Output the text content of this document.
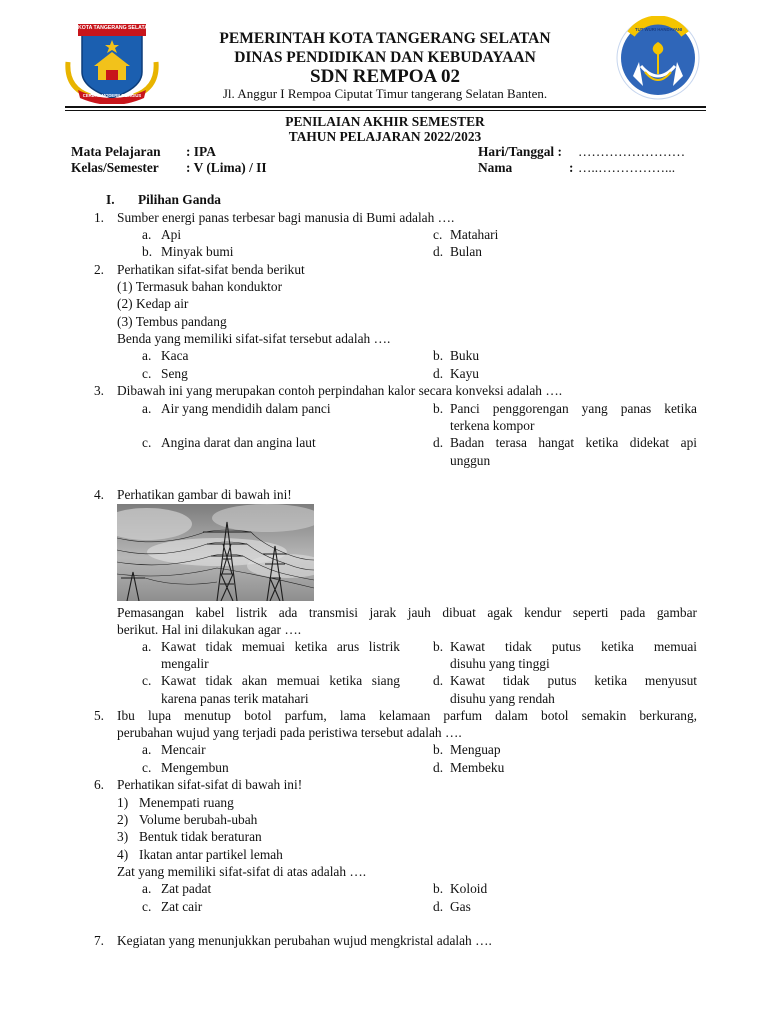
KOTA TANGERANG SELATAN
CERDAS MODERN RELIGIUS
PEMERINTAH KOTA TANGERANG SELATAN
DINAS PENDIDIKAN DAN KEBUDAYAAN
SDN REMPOA 02
Jl. Anggur I Rempoa Ciputat Timur tangerang Selatan Banten.
TUT WURI HANDAYANI
PENILAIAN AKHIR SEMESTER
TAHUN PELAJARAN 2022/2023
Mata Pelajaran : IPA
Kelas/Semester : V (Lima) / II
Hari/Tanggal : ……………………
Nama	: …..……………...
I. Pilihan Ganda
1. Sumber energi panas terbesar bagi manusia di Bumi adalah ….
a. Api	c. Matahari
b. Minyak bumi	d. Bulan
2. Perhatikan sifat-sifat benda berikut
(1) Termasuk bahan konduktor
(2) Kedap air
(3) Tembus pandang
Benda yang memiliki sifat-sifat tersebut adalah ….
a. Kaca	b. Buku
c. Seng	d. Kayu
3. Dibawah ini yang merupakan contoh perpindahan kalor secara konveksi adalah ….
a. Air yang mendidih dalam panci	b. Panci penggorengan yang panas ketika
terkena kompor
c. Angina darat dan angina laut	d. Badan terasa hangat ketika didekat api
unggun
4. Perhatikan gambar di bawah ini!
Pemasangan kabel listrik ada transmisi jarak jauh dibuat agak kendur seperti pada gambar
berikut. Hal ini dilakukan agar ….
a. Kawat tidak memuai ketika arus listrik
mengalir
b. Kawat tidak putus ketika memuai
disuhu yang tinggi
c. Kawat tidak akan memuai ketika siang
karena panas terik matahari
d. Kawat tidak putus ketika menyusut
disuhu yang rendah
5. Ibu lupa menutup botol parfum, lama kelamaan parfum dalam botol semakin berkurang,
perubahan wujud yang terjadi pada peristiwa tersebut adalah ….
a. Mencair	b. Menguap
c. Mengembun	d. Membeku
6. Perhatikan sifat-sifat di bawah ini!
1) Menempati ruang
2) Volume berubah-ubah
3) Bentuk tidak beraturan
4) Ikatan antar partikel lemah
Zat yang memiliki sifat-sifat di atas adalah ….
a. Zat padat	b. Koloid
c. Zat cair	d. Gas
7. Kegiatan yang menunjukkan perubahan wujud mengkristal adalah ….
